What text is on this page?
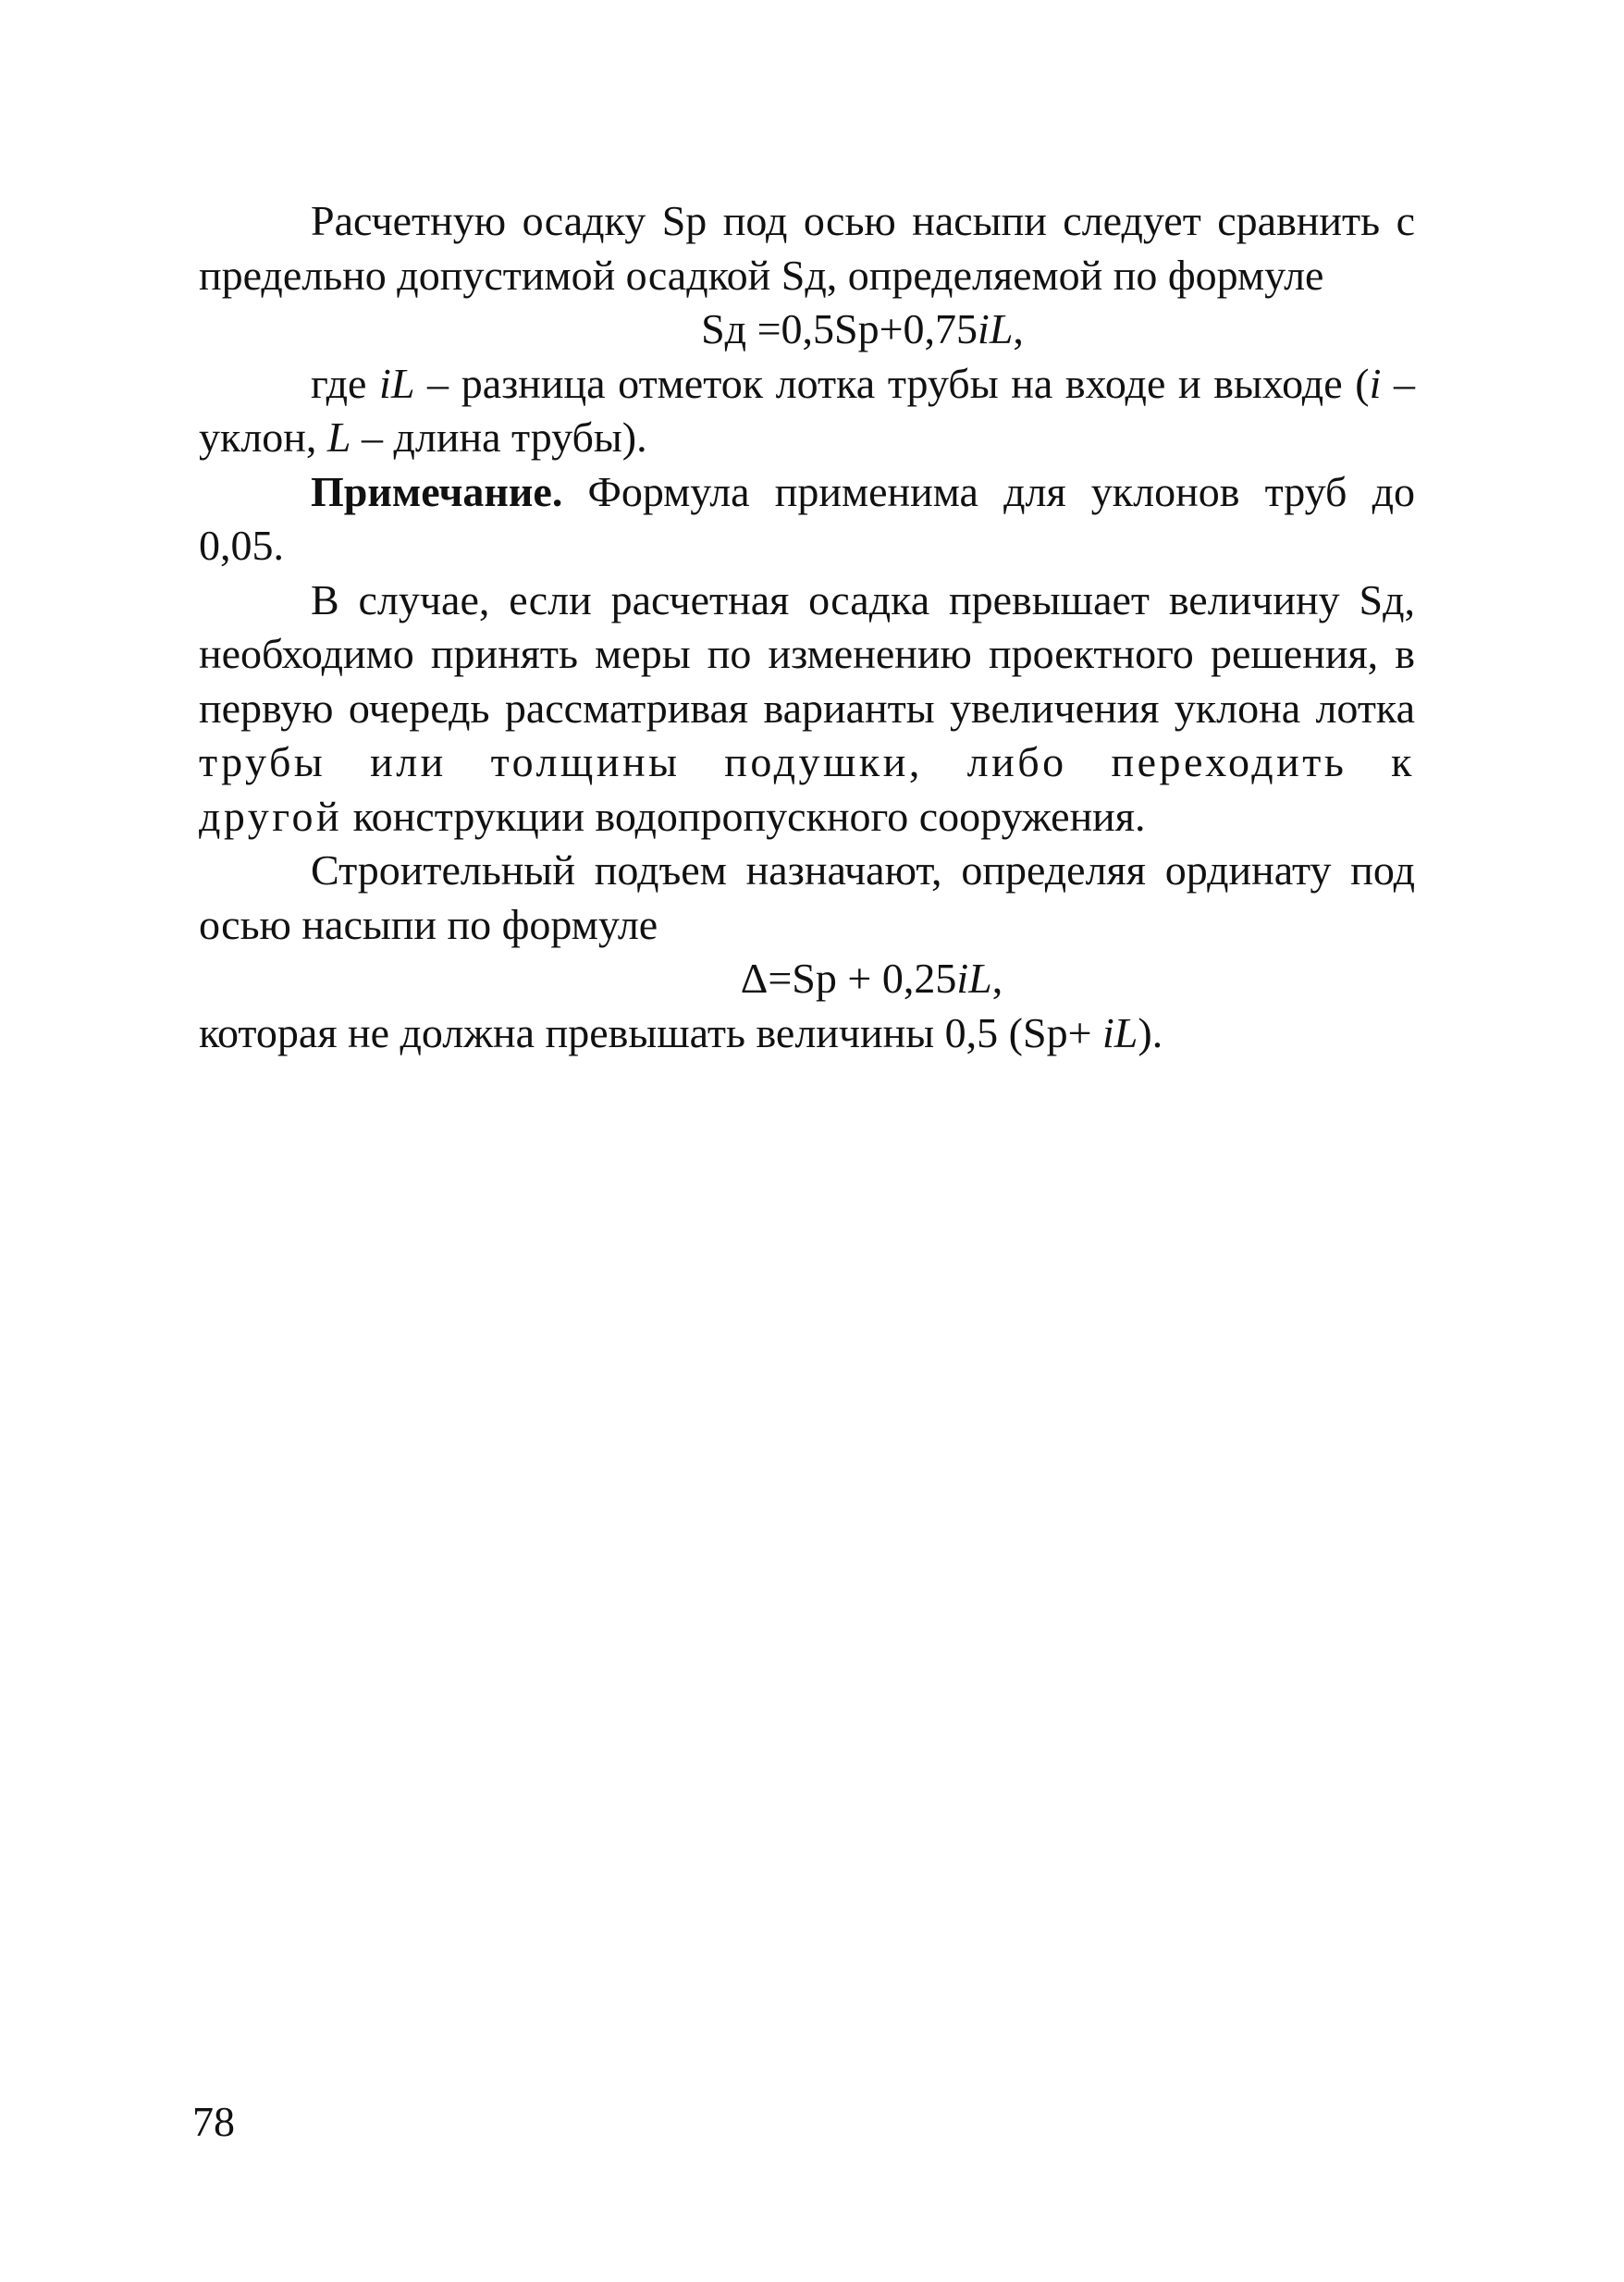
Расчетную осадку Sp под осью насыпи следует сравнить с предельно допустимой осадкой Sд, определяемой по формуле

Sд =0,5Sp+0,75iL,

где iL – разница отметок лотка трубы на входе и выходе (i – уклон, L – длина трубы).

Примечание. Формула применима для уклонов труб до 0,05.

В случае, если расчетная осадка превышает величину Sд, необходимо принять меры по изменению проектного решения, в первую очередь рассматривая варианты увеличения уклона лотка трубы или толщины подушки, либо переходить к другой конструкции водопропускного сооружения.

Строительный подъем назначают, определяя ординату под осью насыпи по формуле

Δ=Sp + 0,25iL,

которая не должна превышать величины 0,5 (Sp+ iL).

78
